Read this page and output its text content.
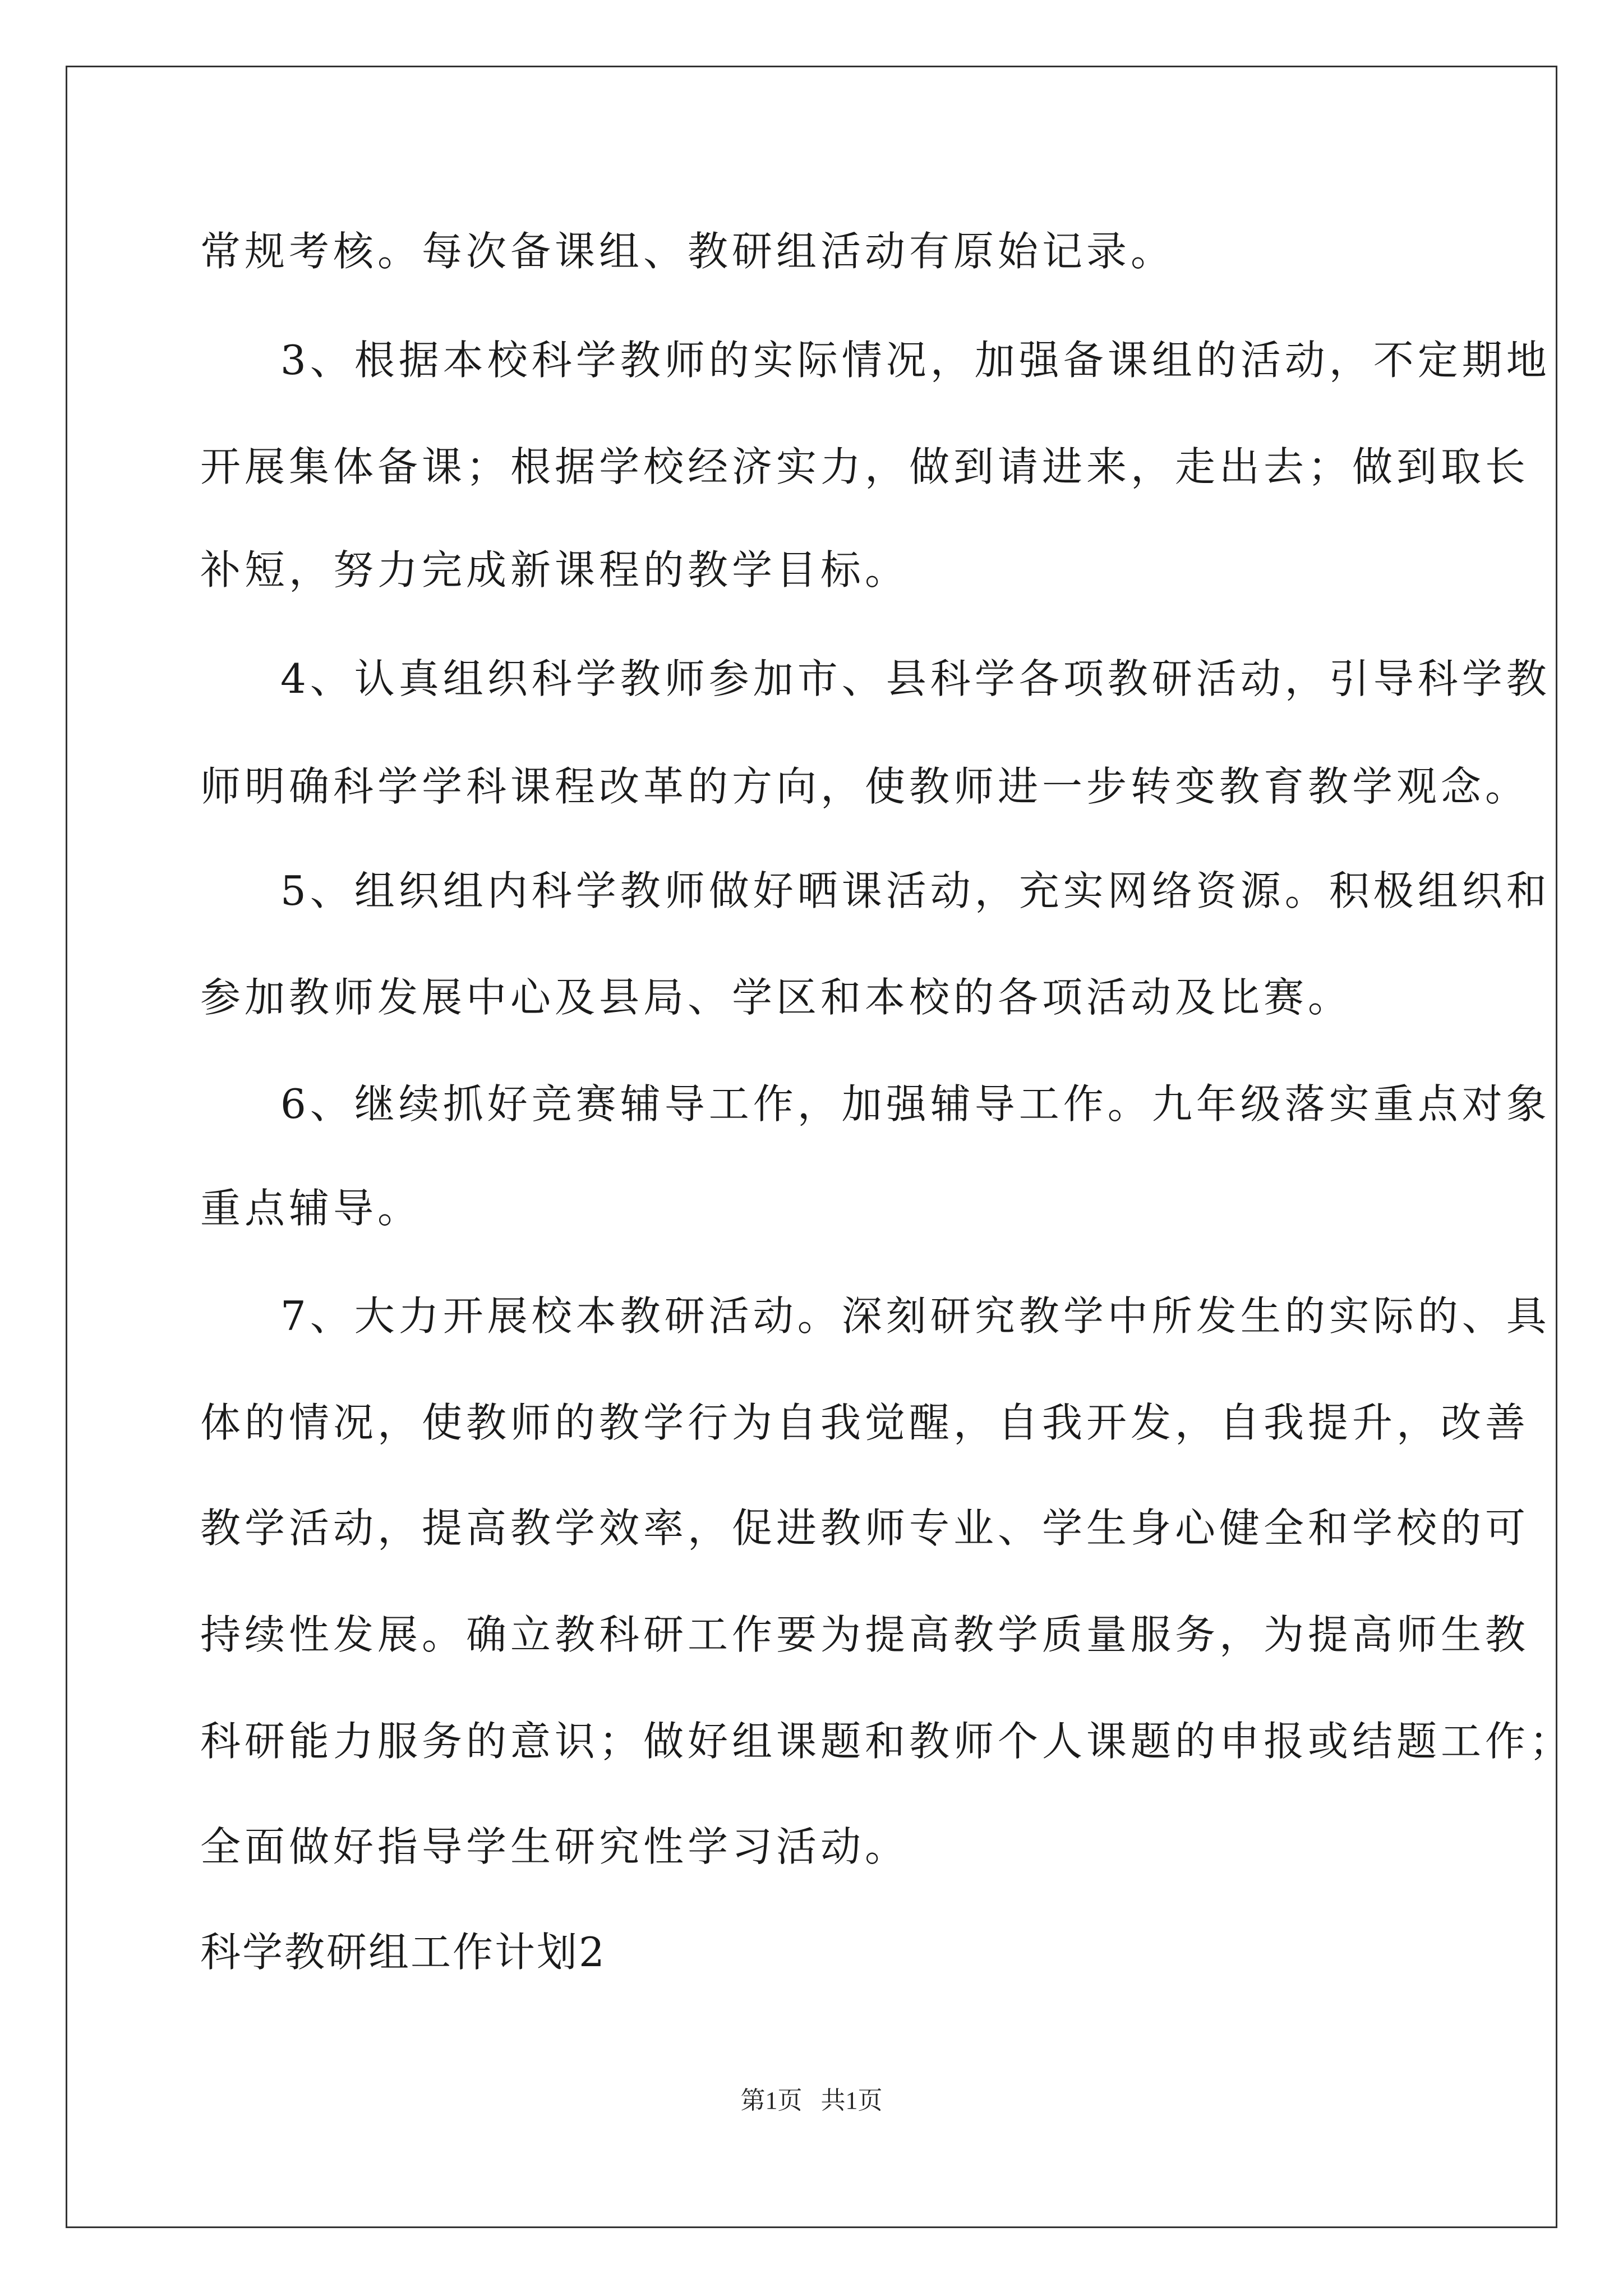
常规考核。每次备课组、教研组活动有原始记录。
3、根据本校科学教师的实际情况，加强备课组的活动，不定期地
开展集体备课；根据学校经济实力，做到请进来，走出去；做到取长
补短，努力完成新课程的教学目标。
4、认真组织科学教师参加市、县科学各项教研活动，引导科学教
师明确科学学科课程改革的方向，使教师进一步转变教育教学观念。
5、组织组内科学教师做好晒课活动，充实网络资源。积极组织和
参加教师发展中心及县局、学区和本校的各项活动及比赛。
6、继续抓好竞赛辅导工作，加强辅导工作。九年级落实重点对象
重点辅导。
7、大力开展校本教研活动。深刻研究教学中所发生的实际的、具
体的情况，使教师的教学行为自我觉醒，自我开发，自我提升，改善
教学活动，提高教学效率，促进教师专业、学生身心健全和学校的可
持续性发展。确立教科研工作要为提高教学质量服务，为提高师生教
科研能力服务的意识；做好组课题和教师个人课题的申报或结题工作；
全面做好指导学生研究性学习活动。
科学教研组工作计划2
第1页   共1页
